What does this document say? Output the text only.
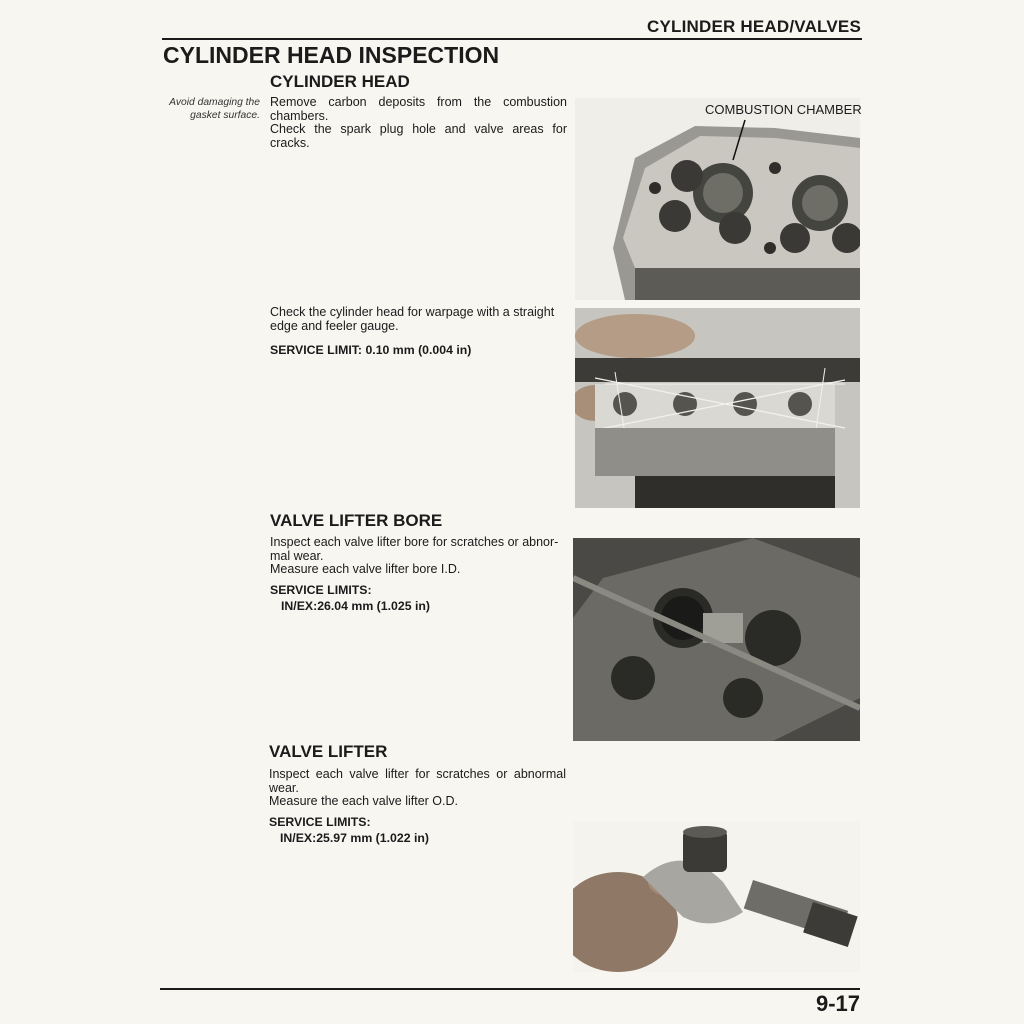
CYLINDER HEAD/VALVES
CYLINDER HEAD INSPECTION
CYLINDER HEAD
Avoid damaging the gasket surface.
Remove carbon deposits from the combustion chambers.
Check the spark plug hole and valve areas for cracks.
COMBUSTION CHAMBER
Check the cylinder head for warpage with a straight edge and feeler gauge.
SERVICE LIMIT: 0.10 mm (0.004 in)
VALVE LIFTER BORE
Inspect each valve lifter bore for scratches or abnor-mal wear.
Measure each valve lifter bore I.D.
SERVICE LIMITS:
IN/EX:26.04 mm (1.025 in)
VALVE LIFTER
Inspect each valve lifter for scratches or abnormal wear.
Measure the each valve lifter O.D.
SERVICE LIMITS:
IN/EX:25.97 mm (1.022 in)
9-17
